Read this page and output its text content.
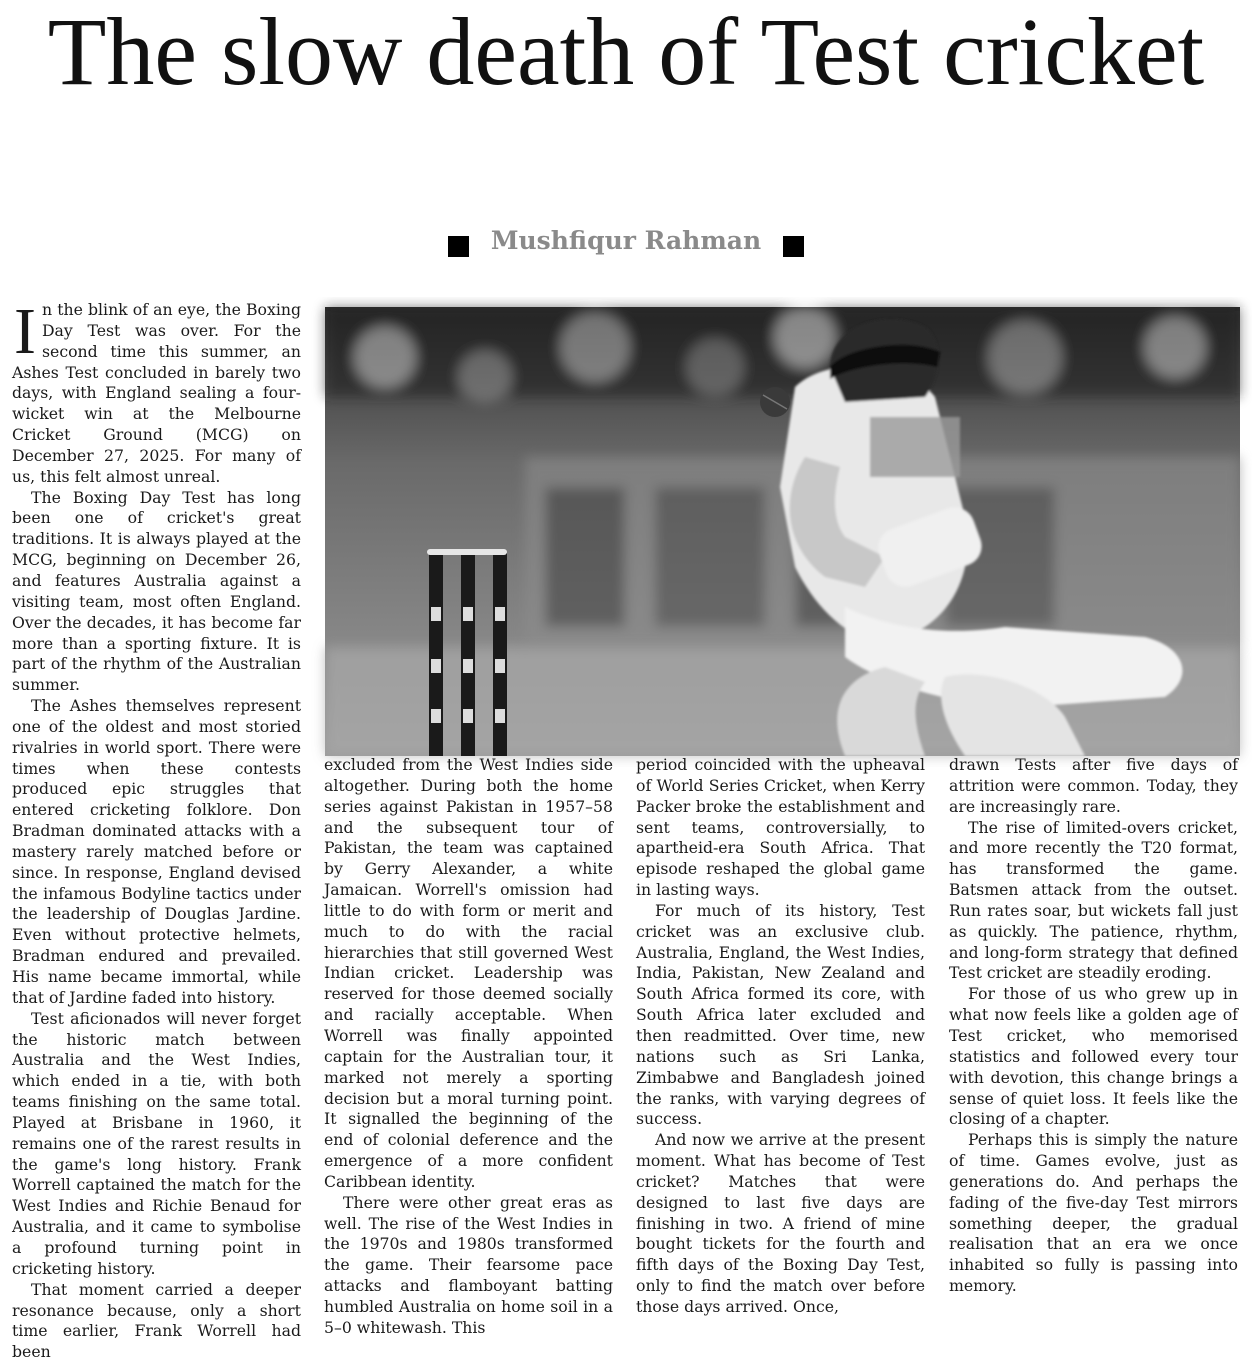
The slow death of Test cricket
Mushfiqur Rahman

In the blink of an eye, the Boxing Day Test was over. For the second time this summer, an Ashes Test concluded in barely two days, with England sealing a four-wicket win at the Melbourne Cricket Ground (MCG) on December 27, 2025. For many of us, this felt almost unreal.

The Boxing Day Test has long been one of cricket's great traditions. It is always played at the MCG, beginning on December 26, and features Australia against a visiting team, most often England. Over the decades, it has become far more than a sporting fixture. It is part of the rhythm of the Australian summer.

The Ashes themselves represent one of the oldest and most storied rivalries in world sport. There were times when these contests produced epic struggles that entered cricketing folklore. Don Bradman dominated attacks with a mastery rarely matched before or since. In response, England devised the infamous Bodyline tactics under the leadership of Douglas Jardine. Even without protective helmets, Bradman endured and prevailed. His name became immortal, while that of Jardine faded into history.

Test aficionados will never forget the historic match between Australia and the West Indies, which ended in a tie, with both teams finishing on the same total. Played at Brisbane in 1960, it remains one of the rarest results in the game's long history. Frank Worrell captained the match for the West Indies and Richie Benaud for Australia, and it came to symbolise a profound turning point in cricketing history.

That moment carried a deeper resonance because, only a short time earlier, Frank Worrell had been

excluded from the West Indies side altogether. During both the home series against Pakistan in 1957–58 and the subsequent tour of Pakistan, the team was captained by Gerry Alexander, a white Jamaican. Worrell's omission had little to do with form or merit and much to do with the racial hierarchies that still governed West Indian cricket. Leadership was reserved for those deemed socially and racially acceptable. When Worrell was finally appointed captain for the Australian tour, it marked not merely a sporting decision but a moral turning point. It signalled the beginning of the end of colonial deference and the emergence of a more confident Caribbean identity.

There were other great eras as well. The rise of the West Indies in the 1970s and 1980s transformed the game. Their fearsome pace attacks and flamboyant batting humbled Australia on home soil in a 5–0 whitewash. This

period coincided with the upheaval of World Series Cricket, when Kerry Packer broke the establishment and sent teams, controversially, to apartheid-era South Africa. That episode reshaped the global game in lasting ways.

For much of its history, Test cricket was an exclusive club. Australia, England, the West Indies, India, Pakistan, New Zealand and South Africa formed its core, with South Africa later excluded and then readmitted. Over time, new nations such as Sri Lanka, Zimbabwe and Bangladesh joined the ranks, with varying degrees of success.

And now we arrive at the present moment. What has become of Test cricket? Matches that were designed to last five days are finishing in two. A friend of mine bought tickets for the fourth and fifth days of the Boxing Day Test, only to find the match over before those days arrived. Once,

drawn Tests after five days of attrition were common. Today, they are increasingly rare.

The rise of limited-overs cricket, and more recently the T20 format, has transformed the game. Batsmen attack from the outset. Run rates soar, but wickets fall just as quickly. The patience, rhythm, and long-form strategy that defined Test cricket are steadily eroding.

For those of us who grew up in what now feels like a golden age of Test cricket, who memorised statistics and followed every tour with devotion, this change brings a sense of quiet loss. It feels like the closing of a chapter.

Perhaps this is simply the nature of time. Games evolve, just as generations do. And perhaps the fading of the five-day Test mirrors something deeper, the gradual realisation that an era we once inhabited so fully is passing into memory.
